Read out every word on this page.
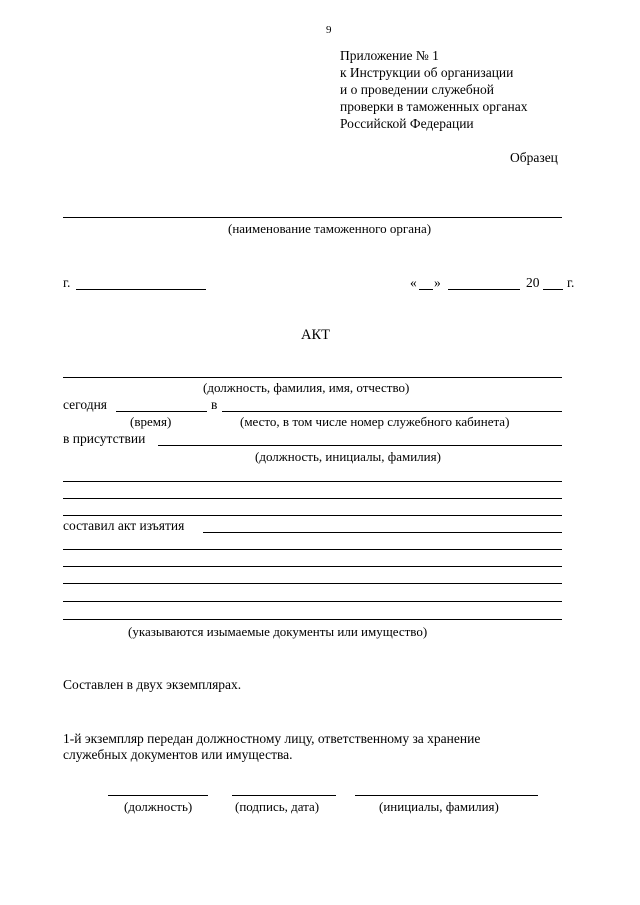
9
Приложение № 1
к Инструкции об организации
и о проведении служебной
проверки в таможенных органах
Российской Федерации
Образец
(наименование таможенного органа)
г.	« »	20 г.
АКТ
(должность, фамилия, имя, отчество)
сегодня	в
(время)	(место, в том числе номер служебного кабинета)
в присутствии
(должность, инициалы, фамилия)
составил акт изъятия
(указываются изымаемые документы или имущество)
Составлен в двух экземплярах.
1-й экземпляр передан должностному лицу, ответственному за хранение
служебных документов или имущества.
(должность)	(подпись, дата)	(инициалы, фамилия)
